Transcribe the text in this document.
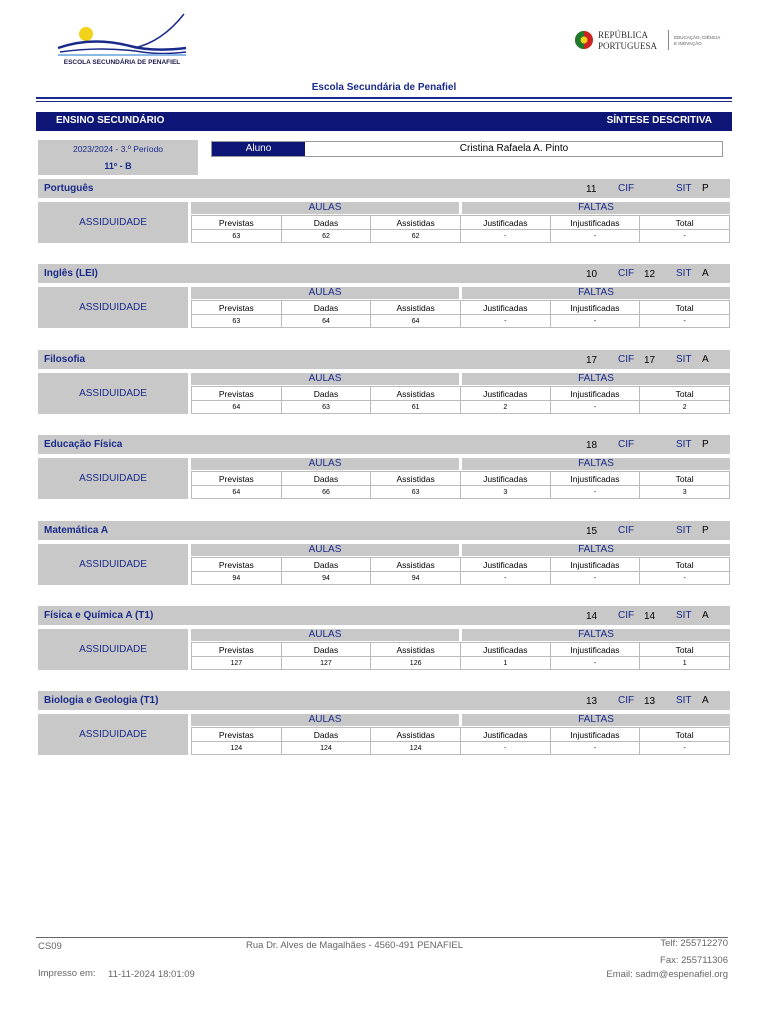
ESCOLA SECUNDÁRIA DE PENAFIEL
REPÚBLICA
PORTUGUESA
EDUCAÇÃO, CIÊNCIA
E INOVAÇÃO
Escola Secundária de Penafiel
ENSINO SECUNDÁRIO	SÍNTESE DESCRITIVA
2023/2024 - 3.º Período
11º - B
Aluno	Cristina Rafaela A. Pinto
Português	11	CIF	SIT P
ASSIDUIDADE
AULAS	FALTAS
Previstas	Dadas	Assistidas	Justificadas	Injustificadas	Total
63	62	62	-	-	-
Inglês (LEI)	10	CIF 12 SIT A
ASSIDUIDADE
AULAS	FALTAS
Previstas	Dadas	Assistidas	Justificadas	Injustificadas	Total
63	64	64	-	-	-
Filosofia	17	CIF 17 SIT A
ASSIDUIDADE
AULAS	FALTAS
Previstas	Dadas	Assistidas	Justificadas	Injustificadas	Total
64	63	61	2	-	2
Educação Física	18	CIF	SIT P
ASSIDUIDADE
AULAS	FALTAS
Previstas	Dadas	Assistidas	Justificadas	Injustificadas	Total
64	66	63	3	-	3
Matemática A	15	CIF	SIT P
ASSIDUIDADE
AULAS	FALTAS
Previstas	Dadas	Assistidas	Justificadas	Injustificadas	Total
94	94	94	-	-	-
Física e Química A (T1)	14	CIF 14 SIT A
ASSIDUIDADE
AULAS	FALTAS
Previstas	Dadas	Assistidas	Justificadas	Injustificadas	Total
127	127	126	1	-	1
Biologia e Geologia (T1)	13	CIF 13 SIT A
ASSIDUIDADE
AULAS	FALTAS
Previstas	Dadas	Assistidas	Justificadas	Injustificadas	Total
124	124	124	-	-	-
CS09	Rua Dr. Alves de Magalhães - 4560-491 PENAFIEL	Telf: 255712270
Fax: 255711306
Impresso em: 11-11-2024 18:01:09	Email: sadm@espenafiel.org
